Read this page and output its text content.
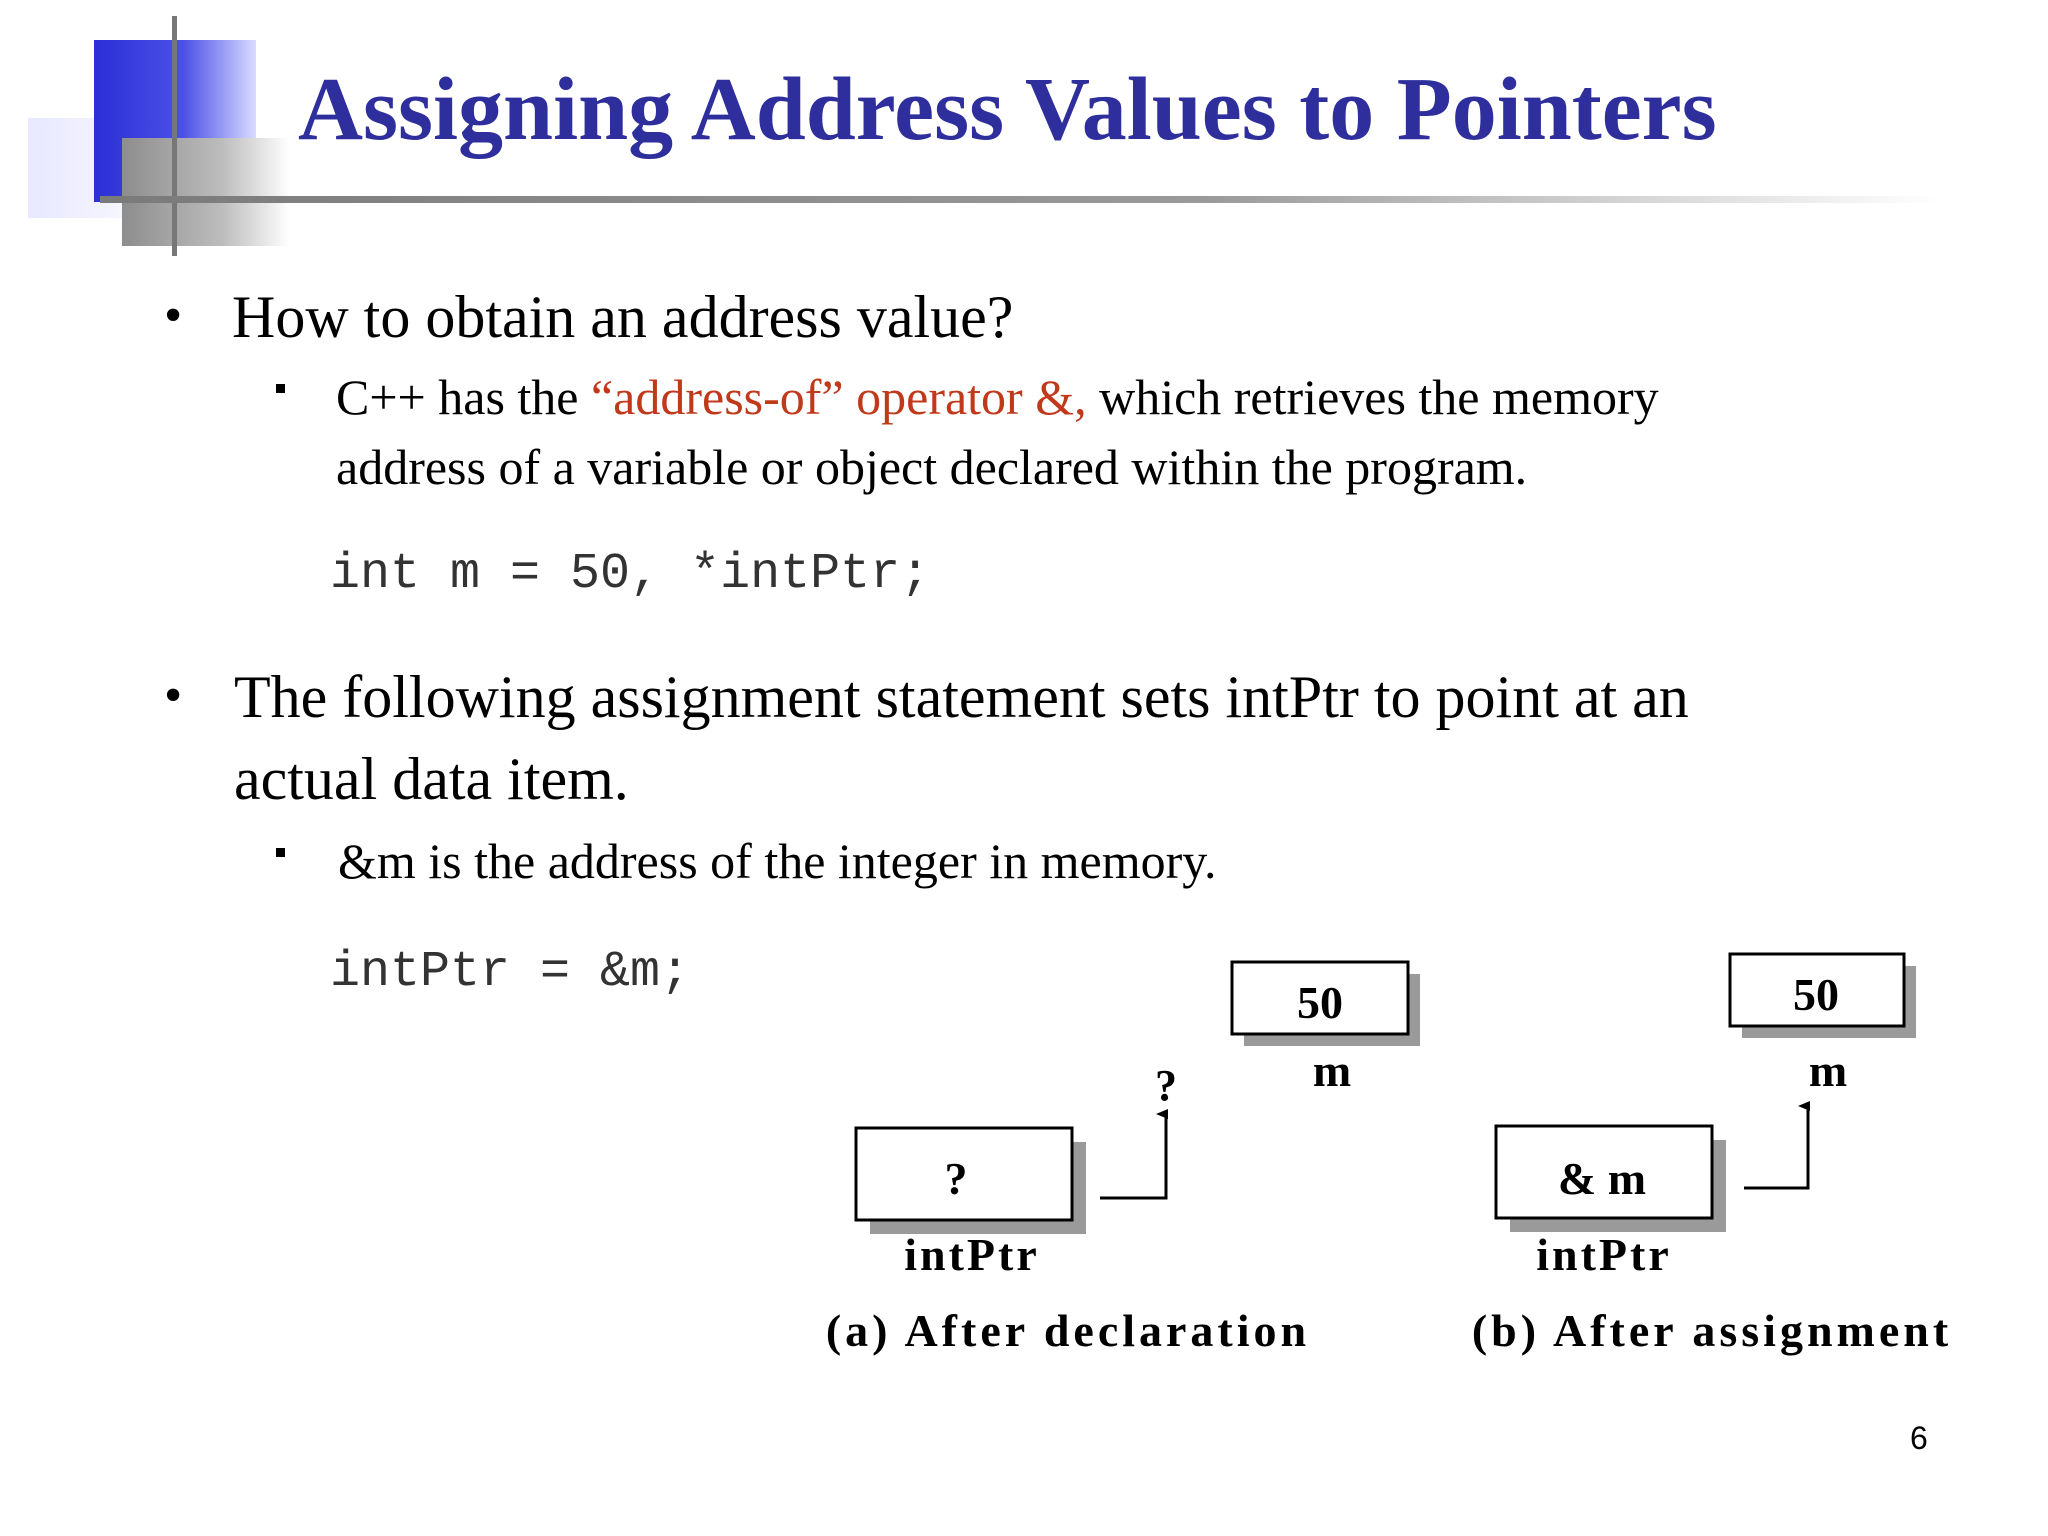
Assigning Address Values to Pointers
• How to obtain an address value?
C++ has the “address-of” operator &, which retrieves the memory
address of a variable or object declared within the program.
int m = 50, *intPtr;
• The following assignment statement sets intPtr to point at an
actual data item.
&m is the address of the integer in memory.
intPtr = &m;
50
m
?
intPtr
?
(a) After declaration
50
m
& m
intPtr
(b) After assignment
6
